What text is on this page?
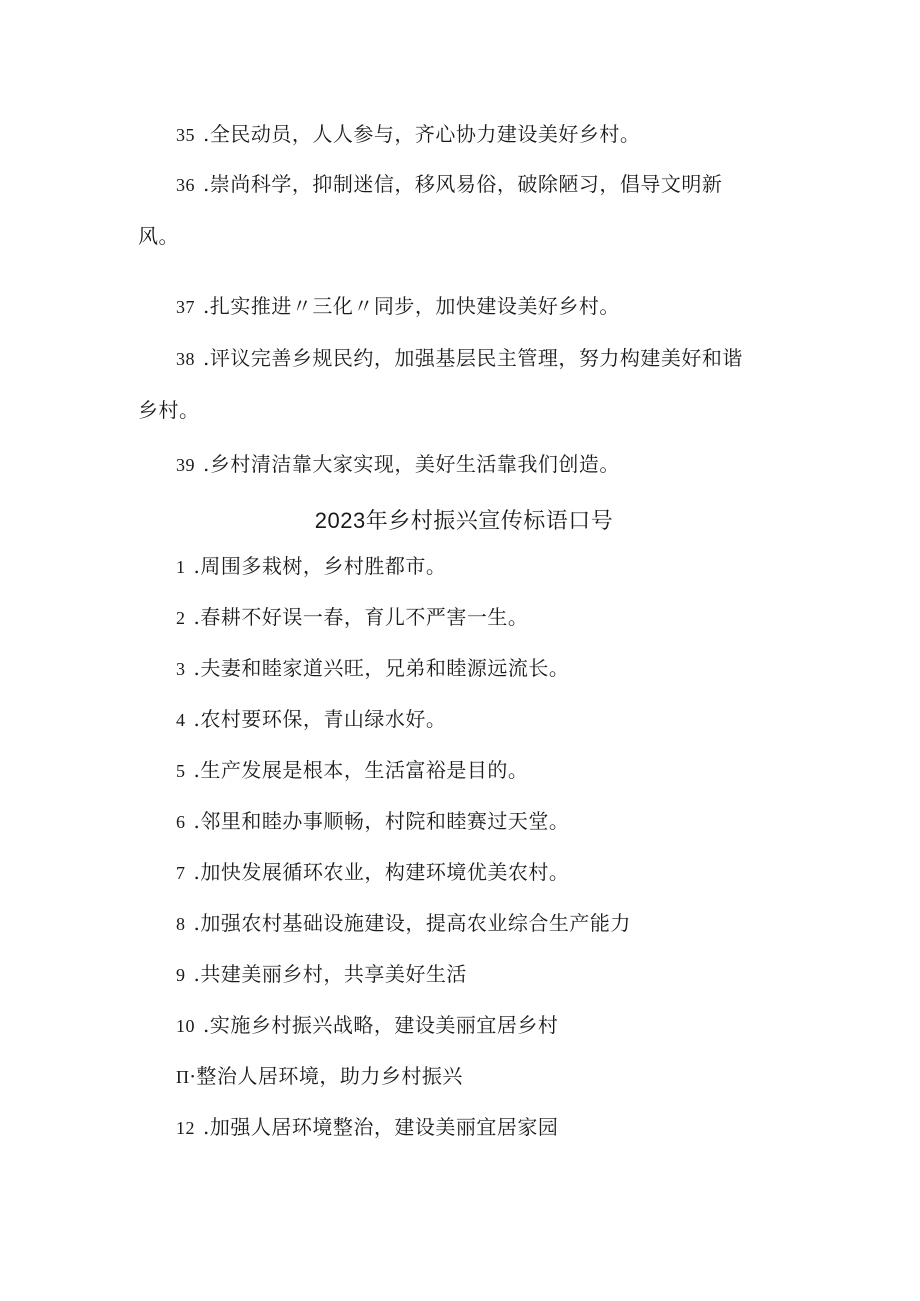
35 .全民动员，人人参与，齐心协力建设美好乡村。
36 .崇尚科学，抑制迷信，移风易俗，破除陋习，倡导文明新
风。
37 .扎实推进〃三化〃同步，加快建设美好乡村。
38 .评议完善乡规民约，加强基层民主管理，努力构建美好和谐
乡村。
39 .乡村清洁靠大家实现，美好生活靠我们创造。
2023年乡村振兴宣传标语口号
1 .周围多栽树，乡村胜都市。
2 .春耕不好误一春，育儿不严害一生。
3 .夫妻和睦家道兴旺，兄弟和睦源远流长。
4 .农村要环保，青山绿水好。
5 .生产发展是根本，生活富裕是目的。
6 .邻里和睦办事顺畅，村院和睦赛过天堂。
7 .加快发展循环农业，构建环境优美农村。
8 .加强农村基础设施建设，提高农业综合生产能力
9 .共建美丽乡村，共享美好生活
10 .实施乡村振兴战略，建设美丽宜居乡村
Π·整治人居环境，助力乡村振兴
12 .加强人居环境整治，建设美丽宜居家园
